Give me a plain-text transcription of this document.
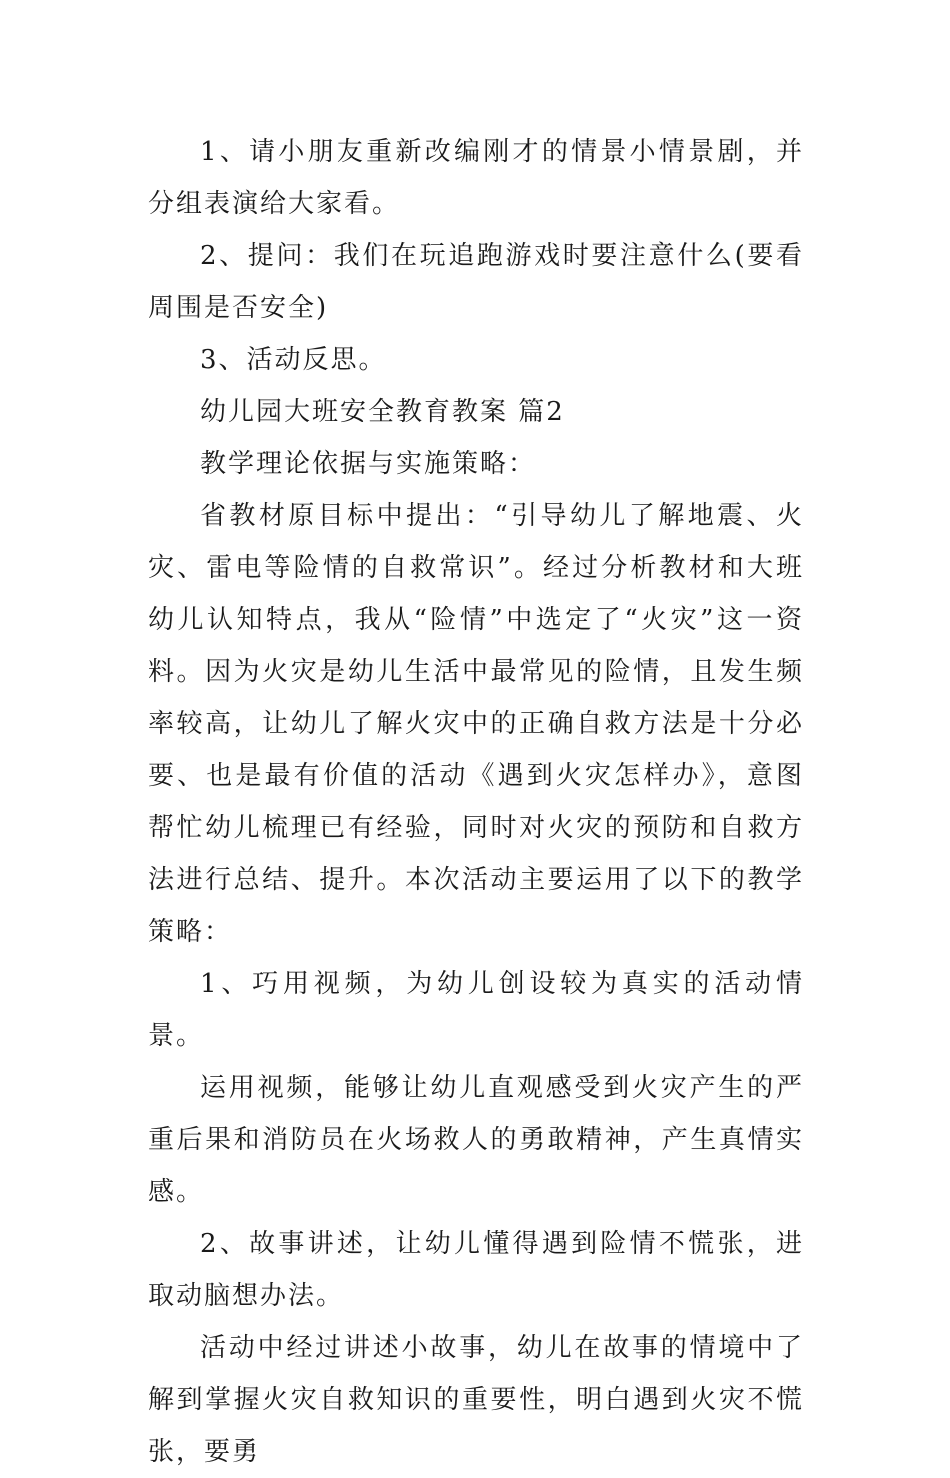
1、请小朋友重新改编刚才的情景小情景剧，并分组表演给大家看。

2、提问：我们在玩追跑游戏时要注意什么(要看周围是否安全)

3、活动反思。

幼儿园大班安全教育教案 篇2

教学理论依据与实施策略：

省教材原目标中提出：“引导幼儿了解地震、火灾、雷电等险情的自救常识”。经过分析教材和大班幼儿认知特点，我从“险情”中选定了“火灾”这一资料。因为火灾是幼儿生活中最常见的险情，且发生频率较高，让幼儿了解火灾中的正确自救方法是十分必要、也是最有价值的活动《遇到火灾怎样办》，意图帮忙幼儿梳理已有经验，同时对火灾的预防和自救方法进行总结、提升。本次活动主要运用了以下的教学策略：

1、巧用视频，为幼儿创设较为真实的活动情景。

运用视频，能够让幼儿直观感受到火灾产生的严重后果和消防员在火场救人的勇敢精神，产生真情实感。

2、故事讲述，让幼儿懂得遇到险情不慌张，进取动脑想办法。

活动中经过讲述小故事，幼儿在故事的情境中了解到掌握火灾自救知识的重要性，明白遇到火灾不慌张，要勇
